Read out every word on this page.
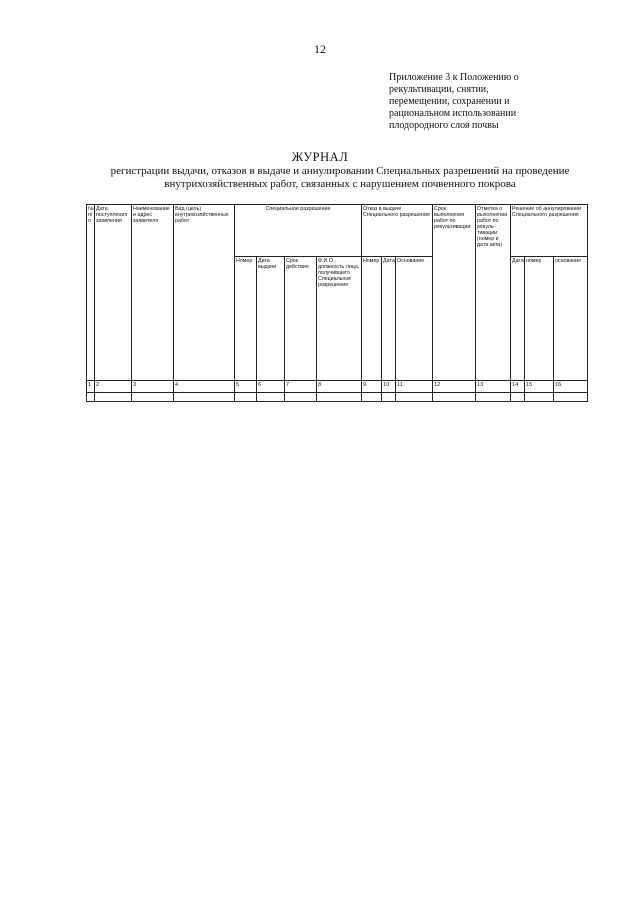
12
Приложение 3 к Положению о
рекультивации, снятии,
перемещении, сохранении и
рациональном использовании
плодородного слоя почвы
ЖУРНАЛ
регистрации выдачи, отказов в выдаче и аннулировании Специальных разрешений на проведение
внутрихозяйственных работ, связанных с нарушением почвенного покрова
№ п/ п	Дата поступления заявления	Наименование и адрес заявителя	Вид (цель) внутрихозяйственных работ	Специальное разрешение				Отказ в выдаче Специального разрешения			Срок выполнения работ по рекультивации	Отметка о выполнении работ по рекуль-тивации (номер и дата акта)	Решение об аннулировании Специального разрешения		
				Номер	Дата выдачи	Срок действия	Ф.И.О., должность лица, получившего Специальное разрешение	Номер	Дата	Основание			Дата	номер	основание
1	2	3	4	5	6	7	8	9	10	11	12	13	14	15	16
